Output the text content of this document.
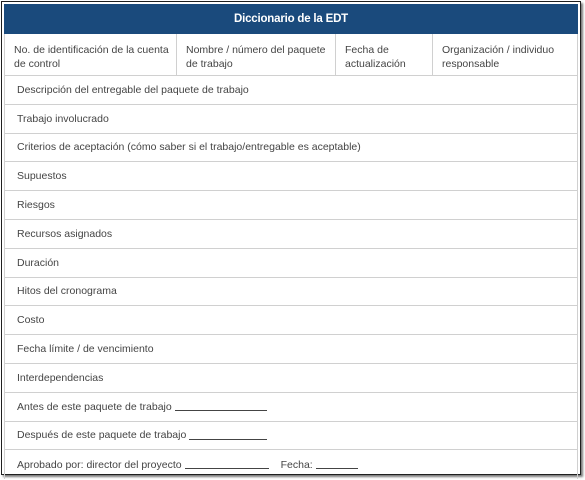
Diccionario de la EDT
No. de identificación de la cuenta de control
Nombre / número del paquete de trabajo
Fecha de actualización
Organización / individuo responsable
Descripción del entregable del paquete de trabajo
Trabajo involucrado
Criterios de aceptación (cómo saber si el trabajo/entregable es aceptable)
Supuestos
Riesgos
Recursos asignados
Duración
Hitos del cronograma
Costo
Fecha límite / de vencimiento
Interdependencias
Antes de este paquete de trabajo
Después de este paquete de trabajo
Aprobado por: director del proyecto	Fecha:
